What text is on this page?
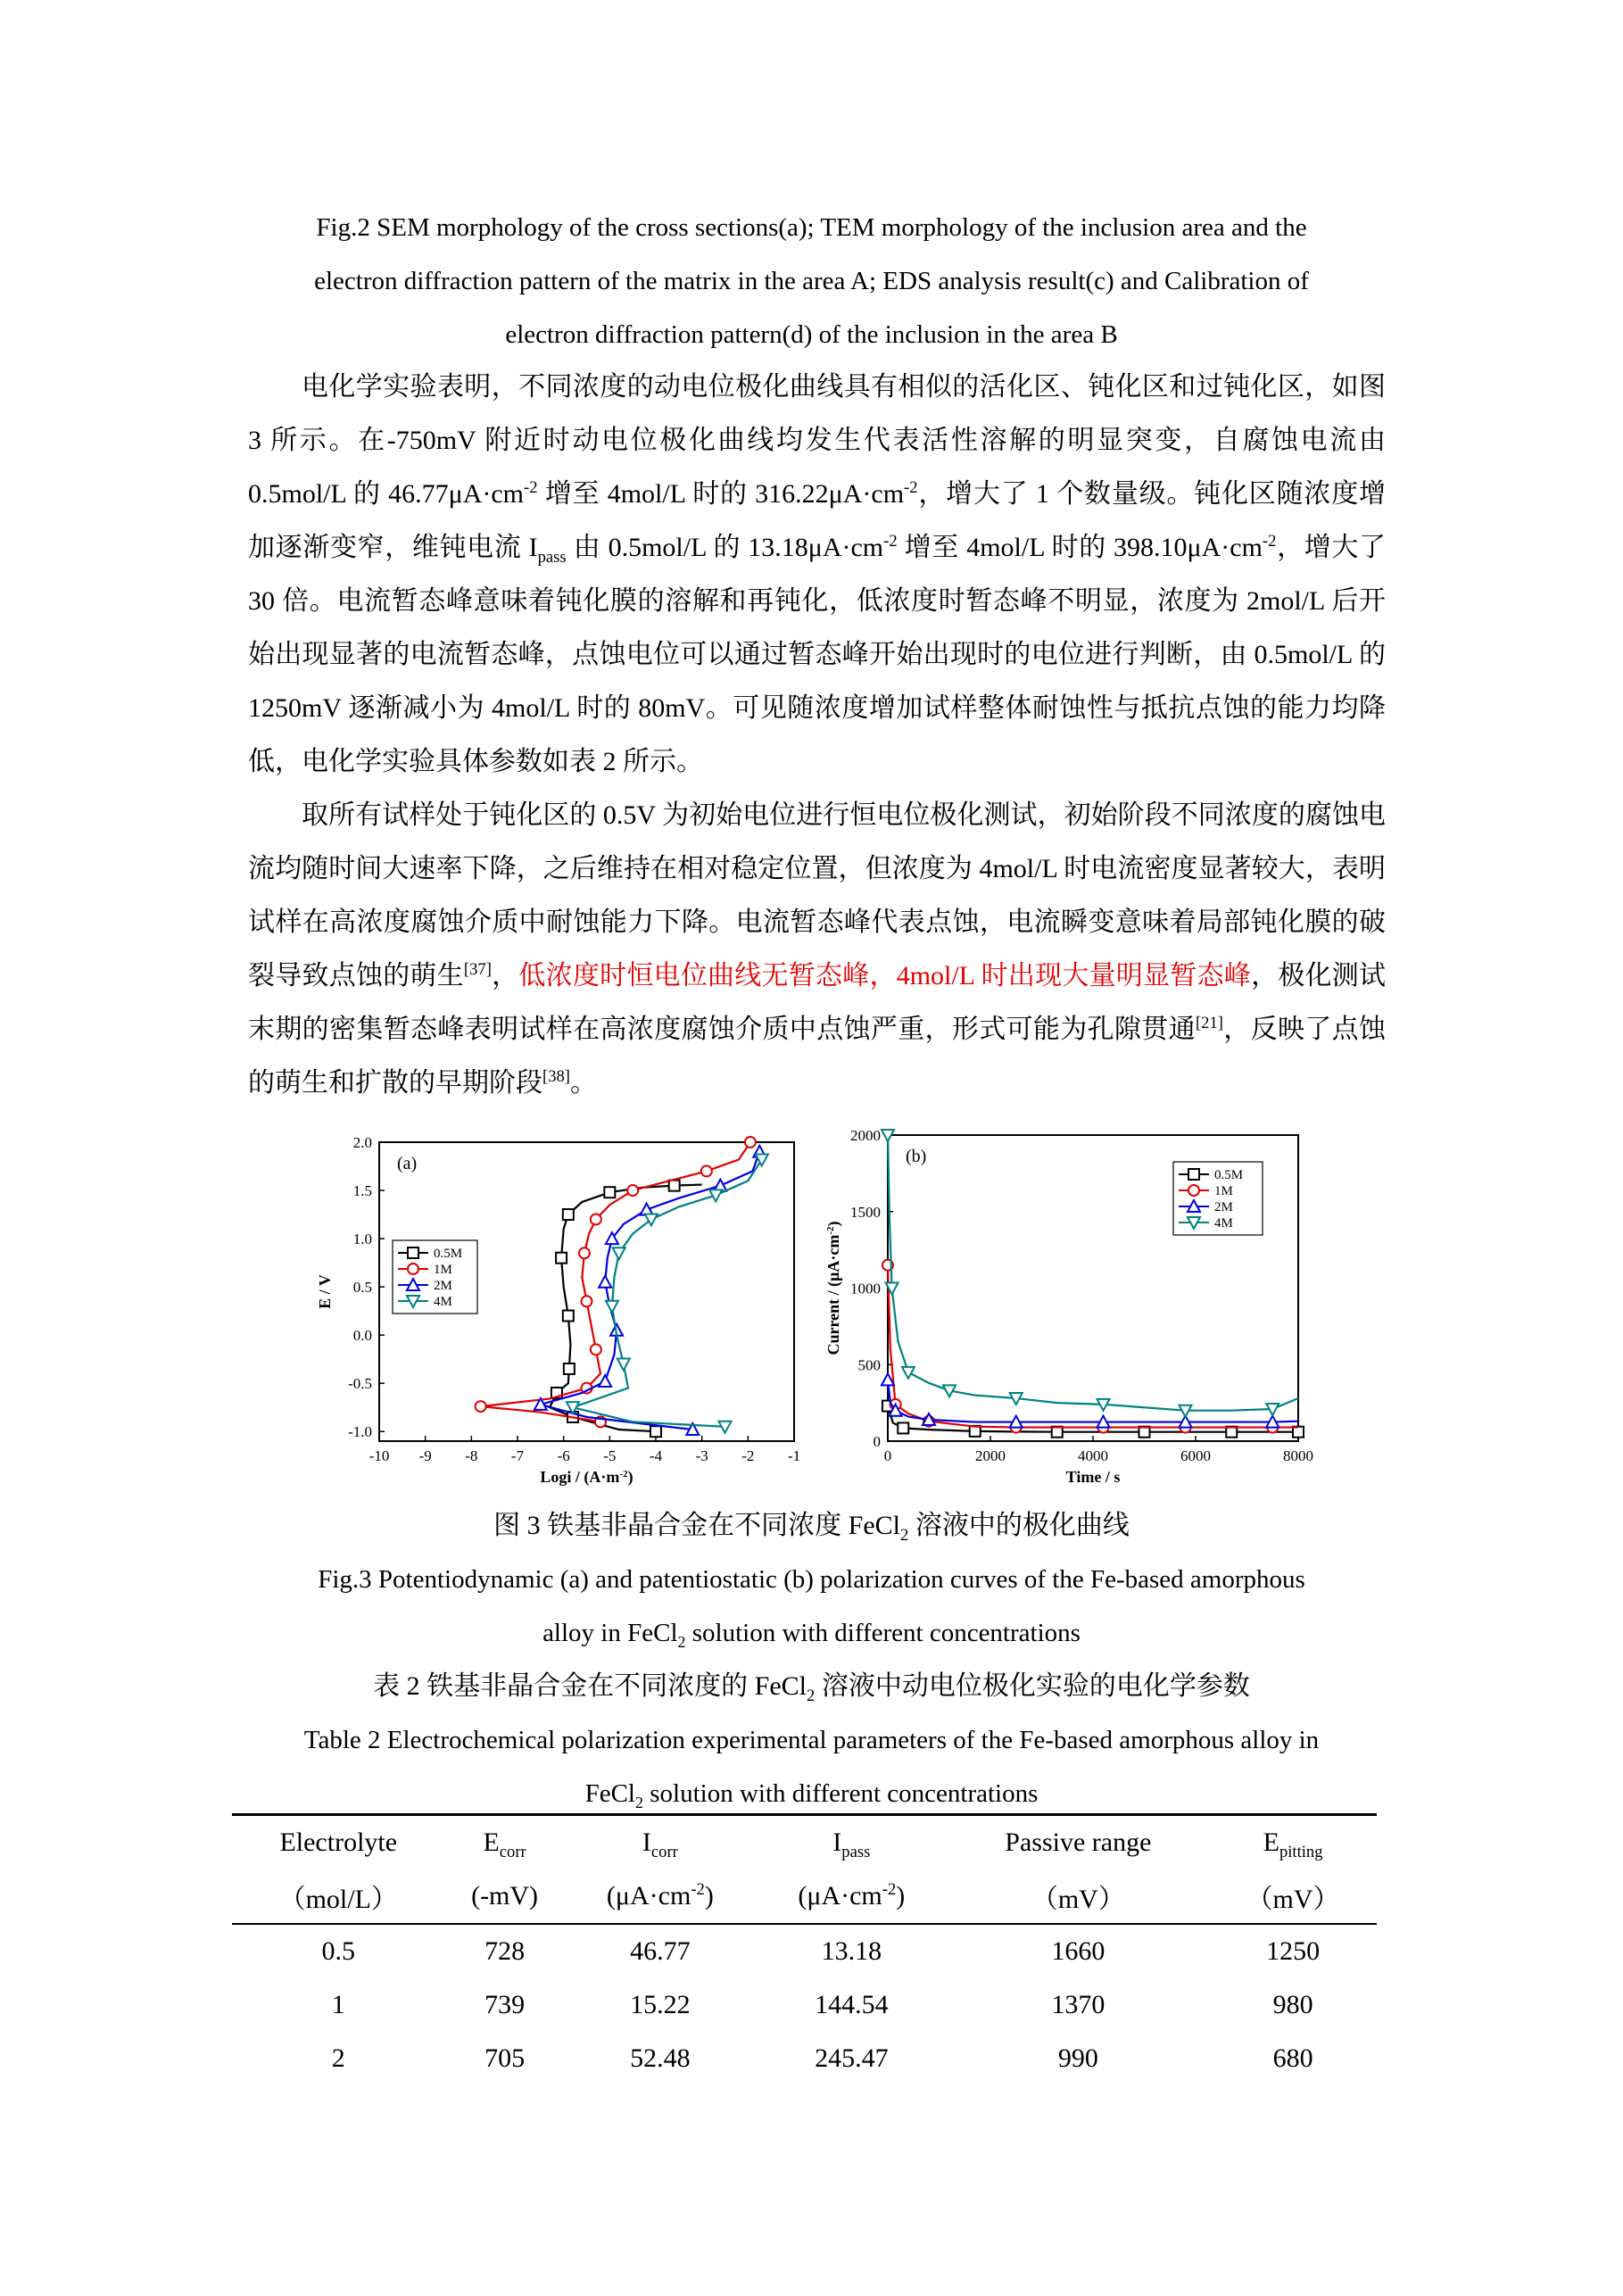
Fig.2 SEM morphology of the cross sections(a); TEM morphology of the inclusion area and the

electron diffraction pattern of the matrix in the area A; EDS analysis result(c) and Calibration of

electron diffraction pattern(d) of the inclusion in the area B

电化学实验表明，不同浓度的动电位极化曲线具有相似的活化区、钝化区和过钝化区，如图 3 所示。在-750mV 附近时动电位极化曲线均发生代表活性溶解的明显突变，自腐蚀电流由 0.5mol/L 的 $46.77\mu A\cdot cm^{-2}$ 增至 4mol/L 时的 $316.22\mu A\cdot cm^{-2}$，增大了 1 个数量级。钝化区随浓度增加逐渐变窄，维钝电流 $I_{pass}$ 由 0.5mol/L 的 $13.18\mu A\cdot cm^{-2}$ 增至 4mol/L 时的 $398.10\mu A\cdot cm^{-2}$，增大了 30 倍。电流暂态峰意味着钝化膜的溶解和再钝化，低浓度时暂态峰不明显，浓度为 2mol/L 后开始出现显著的电流暂态峰，点蚀电位可以通过暂态峰开始出现时的电位进行判断，由 0.5mol/L 的 1250mV 逐渐减小为 4mol/L 时的 80mV。可见随浓度增加试样整体耐蚀性与抵抗点蚀的能力均降低，电化学实验具体参数如表 2 所示。

取所有试样处于钝化区的 0.5V 为初始电位进行恒电位极化测试，初始阶段不同浓度的腐蚀电流均随时间大速率下降，之后维持在相对稳定位置，但浓度为 4mol/L 时电流密度显著较大，表明试样在高浓度腐蚀介质中耐蚀能力下降。电流暂态峰代表点蚀，电流瞬变意味着局部钝化膜的破裂导致点蚀的萌生[37]，低浓度时恒电位曲线无暂态峰，4mol/L 时出现大量明显暂态峰，极化测试末期的密集暂态峰表明试样在高浓度腐蚀介质中点蚀严重，形式可能为孔隙贯通[21]，反映了点蚀的萌生和扩散的早期阶段[38]。

-10 -9 -8 -7 -6 -5 -4 -3 -2 -1
-1.0
-0.5
0.0
0.5
1.0
1.5
2.0
Logi / $(A\cdot m^{-2})$
E / V
(a)
0.5M
1M
2M
4M
0	2000	4000	6000	8000
0
500
1000
1500
2000
Time / s
Current / $(\mu A\cdot cm^{-2})$
(b)
0.5M
1M
2M
4M

图 3 铁基非晶合金在不同浓度 FeCl$_2$ 溶液中的极化曲线

Fig.3 Potentiodynamic (a) and patentiostatic (b) polarization curves of the Fe-based amorphous

alloy in FeCl$_2$ solution with different concentrations

表 2 铁基非晶合金在不同浓度的 FeCl$_2$ 溶液中动电位极化实验的电化学参数

Table 2 Electrochemical polarization experimental parameters of the Fe-based amorphous alloy in

FeCl$_2$ solution with different concentrations

Electrolyte	$E_{corr}$	$I_{corr}$	$I_{pass}$	Passive range	$E_{pitting}$
（mol/L）	(-mV)	$(\mu A\cdot cm^{-2})$	$(\mu A\cdot cm^{-2})$	（mV）	（mV）
0.5	728	46.77	13.18	1660	1250
1	739	15.22	144.54	1370	980
2	705	52.48	245.47	990	680
